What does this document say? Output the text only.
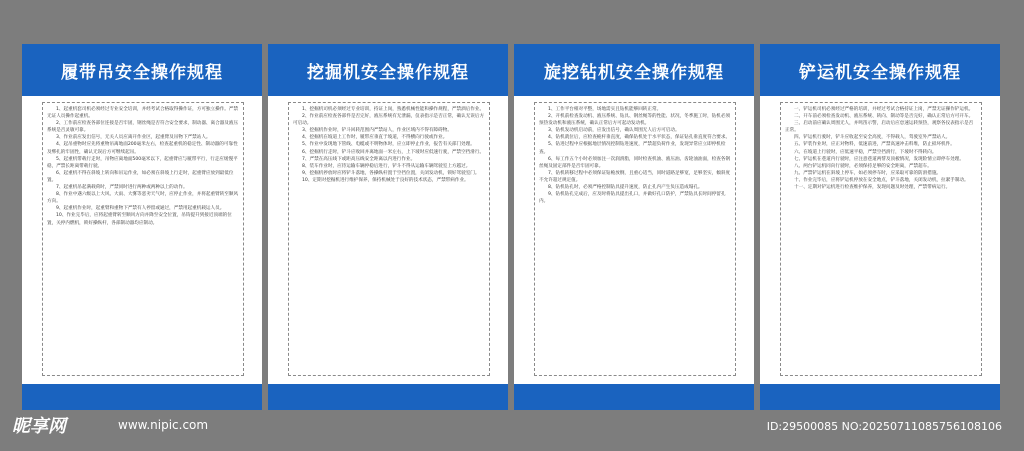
履带吊安全操作规程

1、起重机套司机必须经过专业安全培训，并经考试合格取得操作证，方可独立操作。严禁无证人员操作起重机。

2、工作前应检查各部位连接是否牢固，钢丝绳是否符合安全要求，制动器、离合器及液压系统是否灵敏可靠。

3、作业前应发出信号，无关人员应离开作业区，起重臂及吊物下严禁站人。

4、起吊重物时应先将重物吊离地面200毫米左右，检查起重机的稳定性、制动器的可靠性及绑扎的牢固性，确认无误后方可继续起吊。

5、起重机带载行走时，吊物应离地面500毫米以下，起重臂应与履带平行，行走应缓慢平稳，严禁长距离带载行驶。

6、起重机不得在斜坡上转向和吊运作业，如必须在斜坡上行走时，起重臂应放到最低位置。

7、起重机吊起满载荷时，严禁同时进行两种或两种以上的动作。

8、作业中遇六级以上大风、大雨、大雾等恶劣天气时，应停止作业，并将起重臂转至顺风方向。

9、起重机作业时，起重臂和重物下严禁有人停留或通过，严禁用起重机载运人员。

10、作业完毕后，应将起重臂转至顺风方向并降至安全位置，吊钩提升到接近顶端的位置，关停内燃机，锁好操纵杆，各部制动器均应制动。

挖掘机安全操作规程

1、挖掘机司机必须经过专业培训，持证上岗，熟悉机械性能和操作规程，严禁酒后作业。

2、作业前应检查各部件是否完好，液压系统有无泄漏，仪表指示是否正常，确认无误后方可启动。

3、挖掘机作业时，铲斗回转范围内严禁站人，作业区域内不得有障碍物。

4、挖掘机在坡道上工作时，履带应垂直于坡道，不得横向行驶或作业。

5、作业中发现地下管线、电缆或不明物体时，应立即停止作业，报告有关部门处理。

6、挖掘机行走时，铲斗应收回并离地面一米左右，上下坡时应低速行驶，严禁空挡滑行。

7、严禁在高压线下或距高压线安全距离以内进行作业。

8、装车作业时，应待运输车辆停稳后进行，铲斗不得从运输车辆驾驶室上方越过。

9、挖掘机停放时应将铲斗落地，各操纵杆置于空挡位置，关闭发动机，锁好驾驶室门。

10、定期对挖掘机进行维护保养，保持机械处于良好的技术状态，严禁带病作业。

旋挖钻机安全操作规程

1、工作平台相对平整，场地需实且钻机能够回转正常。

2、开机前检查发动机、液压系统、钻具、钢丝绳等的性能、状况，冬季施工时，钻机必须预热发动机和液压系统，确认正常后方可起动发动机。

3、钻机发动机启动前，应发出信号，确认周围无人后方可启动。

4、钻机就位后，应检查桅杆垂直度，确保钻机处于水平状态，保证钻孔垂直度符合要求。

5、钻进过程中应根据地层情况控制钻进速度，严禁超负荷作业，发现异常应立即停机检查。

6、每工作五个小时必须加注一次润滑脂，同时检查机油、液压油、齿轮油油面，检查各钢丝绳及固定部件是否牢固可靠。

7、钻机转移过程中必须保证钻桅放倒，且重心适当，同时道路足够宽，足够坚实，倾斜度不允许超过规定值。

8、钻机钻孔时，必须严格控制钻具提升速度，防止孔内产生负压造成塌孔。

9、钻机钻孔完成后，应及时将钻具提出孔口，并做好孔口防护，严禁钻具长时间停留孔内。

铲运机安全操作规程

一、铲运机司机必须经过严格的培训，并经过考试合格持证上岗，严禁无证操作铲运机。

二、开车前必须检查发动机、液压系统、转向、制动等是否完好，确认正常后方可开车。

三、启动前应确认周围无人，并鸣笛示警，启动后应怠速运转预热，观察各仪表指示是否正常。

四、铲运机行驶时，铲斗应收起至安全高度，不得载人，驾驶室外严禁站人。

五、铲装作业时，应正对物料，低速前进，严禁高速冲击料堆，防止损坏机件。

六、在坡道上行驶时，应低速平稳，严禁空挡滑行，下坡时不得转向。

七、铲运机在巷道内行驶时，应注意巷道两帮及顶板情况，发现险情立即停车处理。

八、两台铲运机同向行驶时，必须保持足够的安全距离，严禁超车。

九、严禁铲运机在斜坡上停车，如必须停车时，应采取可靠的防滑措施。

十、作业完毕后，应将铲运机停放在安全地点，铲斗落地，关闭发动机，拉紧手制动。

十一、定期对铲运机进行检查维护保养，发现问题及时处理，严禁带病运行。

昵享网	www.nipic.com	ID:29500085 NO:20250711085756108106
